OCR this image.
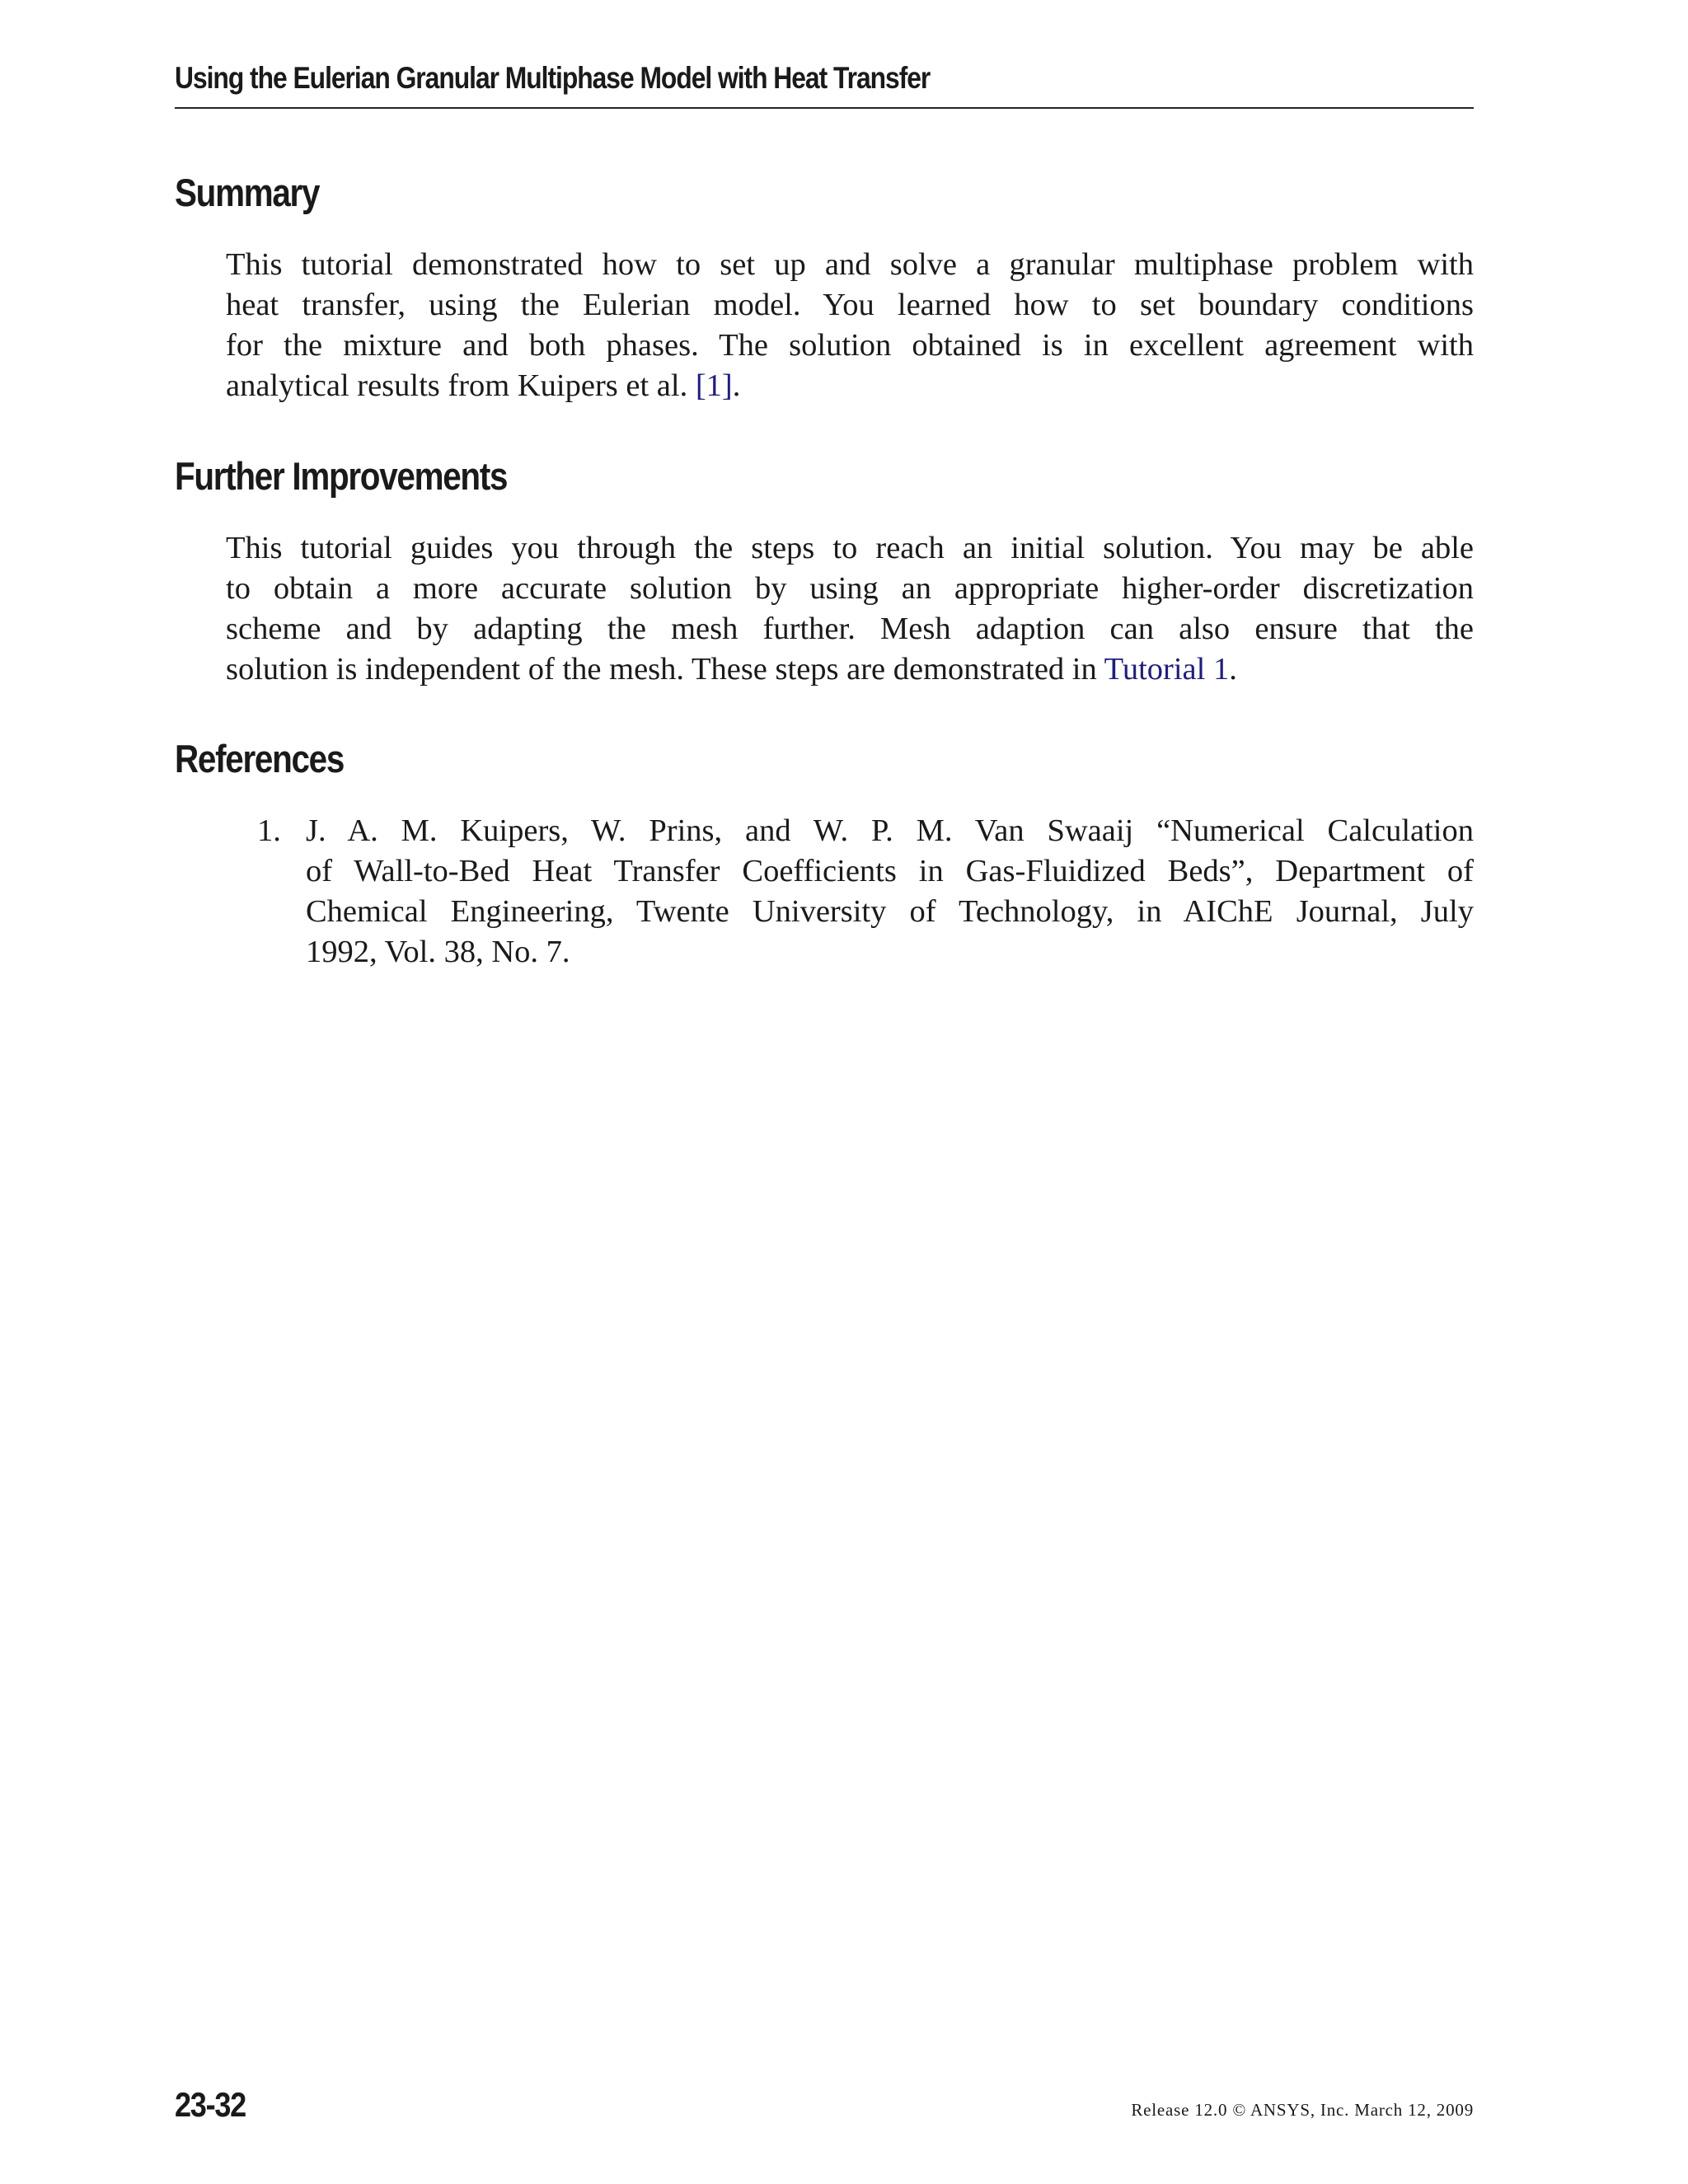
Using the Eulerian Granular Multiphase Model with Heat Transfer
Summary

This tutorial demonstrated how to set up and solve a granular multiphase problem with
heat transfer, using the Eulerian model. You learned how to set boundary conditions
for the mixture and both phases. The solution obtained is in excellent agreement with
analytical results from Kuipers et al. [1].

Further Improvements

This tutorial guides you through the steps to reach an initial solution. You may be able
to obtain a more accurate solution by using an appropriate higher-order discretization
scheme and by adapting the mesh further. Mesh adaption can also ensure that the
solution is independent of the mesh. These steps are demonstrated in Tutorial 1.

References
1. J. A. M. Kuipers, W. Prins, and W. P. M. Van Swaaij “Numerical Calculation
of Wall-to-Bed Heat Transfer Coefficients in Gas-Fluidized Beds”, Department of
Chemical Engineering, Twente University of Technology, in AIChE Journal, July
1992, Vol. 38, No. 7.
23-32	Release 12.0 © ANSYS, Inc. March 12, 2009
